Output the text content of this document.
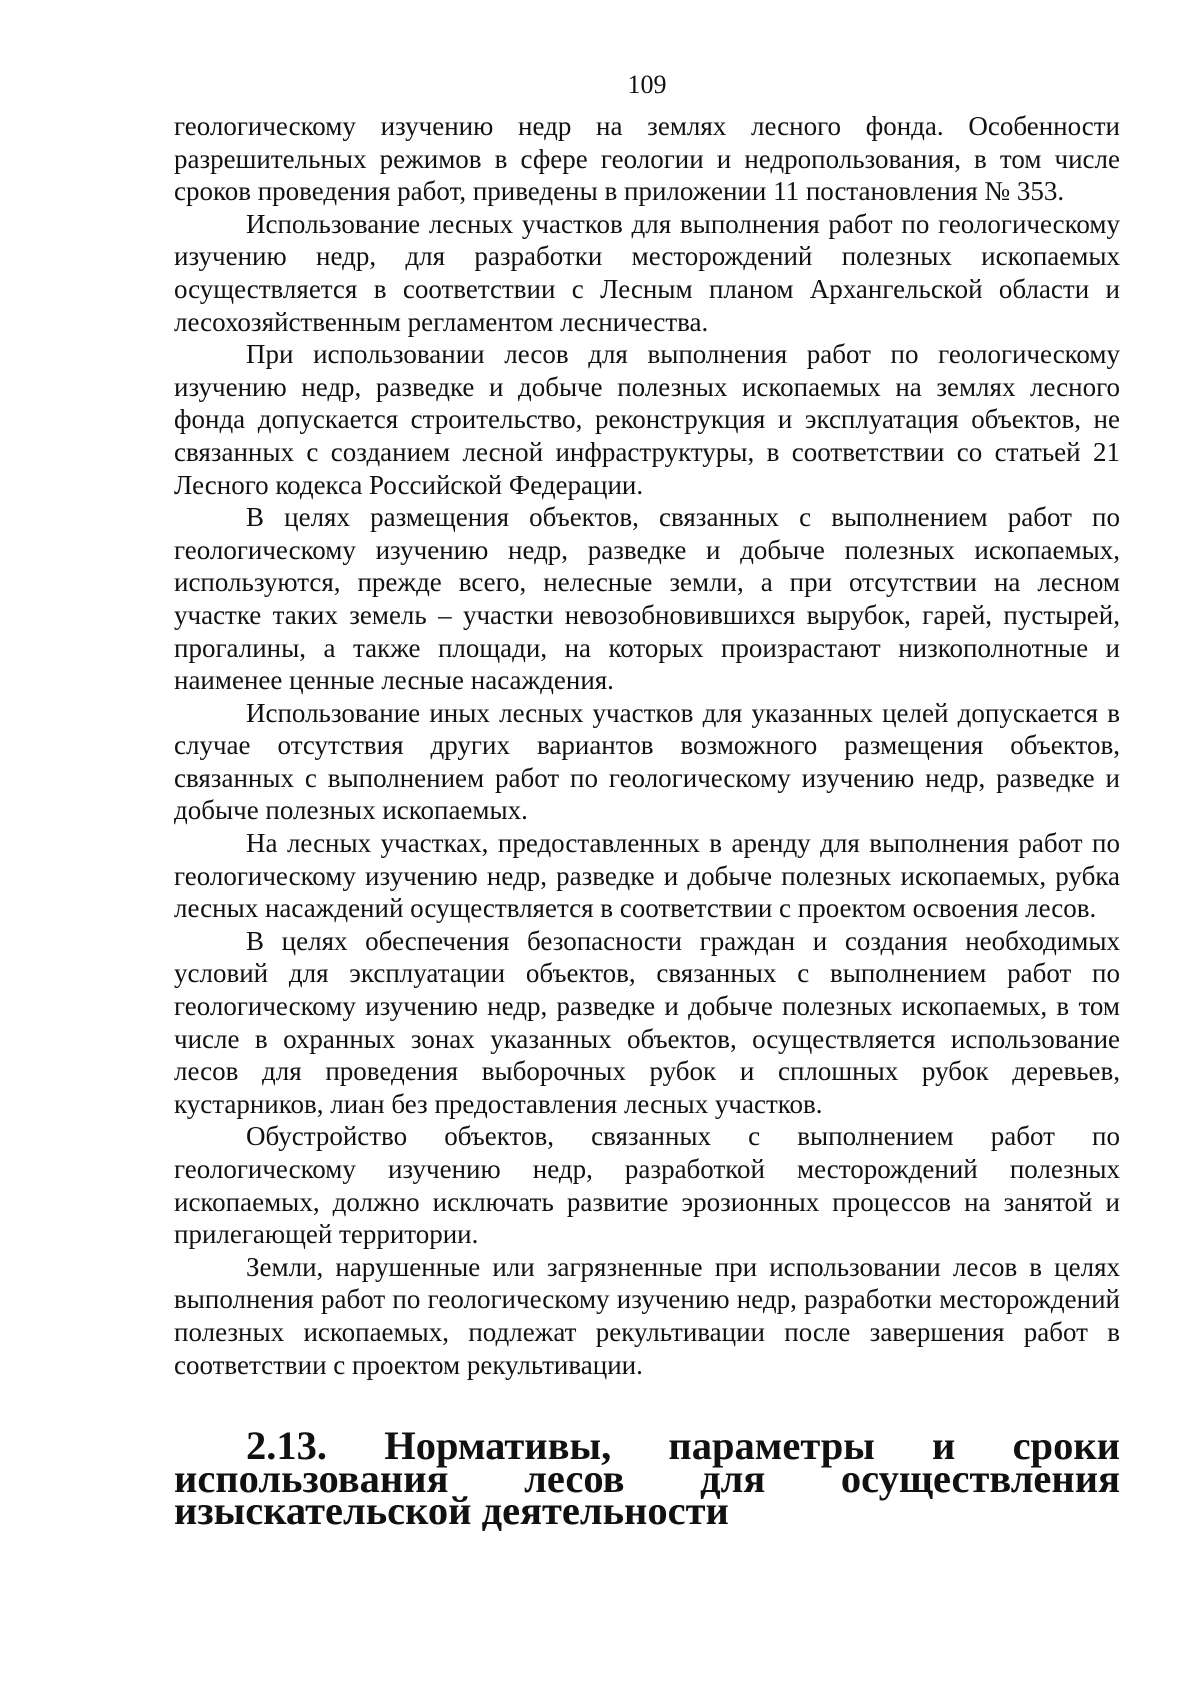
109

геологическому изучению недр на землях лесного фонда. Особенности разрешительных режимов в сфере геологии и недропользования, в том числе сроков проведения работ, приведены в приложении 11 постановления № 353.

Использование лесных участков для выполнения работ по геологическому изучению недр, для разработки месторождений полезных ископаемых осуществляется в соответствии с Лесным планом Архангельской области и лесохозяйственным регламентом лесничества.

При использовании лесов для выполнения работ по геологическому изучению недр, разведке и добыче полезных ископаемых на землях лесного фонда допускается строительство, реконструкция и эксплуатация объектов, не связанных с созданием лесной инфраструктуры, в соответствии со статьей 21 Лесного кодекса Российской Федерации.

В целях размещения объектов, связанных с выполнением работ по геологическому изучению недр, разведке и добыче полезных ископаемых, используются, прежде всего, нелесные земли, а при отсутствии на лесном участке таких земель – участки невозобновившихся вырубок, гарей, пустырей, прогалины, а также площади, на которых произрастают низкополнотные и наименее ценные лесные насаждения.

Использование иных лесных участков для указанных целей допускается в случае отсутствия других вариантов возможного размещения объектов, связанных с выполнением работ по геологическому изучению недр, разведке и добыче полезных ископаемых.

На лесных участках, предоставленных в аренду для выполнения работ по геологическому изучению недр, разведке и добыче полезных ископаемых, рубка лесных насаждений осуществляется в соответствии с проектом освоения лесов.

В целях обеспечения безопасности граждан и создания необходимых условий для эксплуатации объектов, связанных с выполнением работ по геологическому изучению недр, разведке и добыче полезных ископаемых, в том числе в охранных зонах указанных объектов, осуществляется использование лесов для проведения выборочных рубок и сплошных рубок деревьев, кустарников, лиан без предоставления лесных участков.

Обустройство объектов, связанных с выполнением работ по геологическому изучению недр, разработкой месторождений полезных ископаемых, должно исключать развитие эрозионных процессов на занятой и прилегающей территории.

Земли, нарушенные или загрязненные при использовании лесов в целях выполнения работ по геологическому изучению недр, разработки месторождений полезных ископаемых, подлежат рекультивации после завершения работ в соответствии с проектом рекультивации.

2.13. Нормативы, параметры и сроки использования лесов для осуществления изыскательской деятельности
